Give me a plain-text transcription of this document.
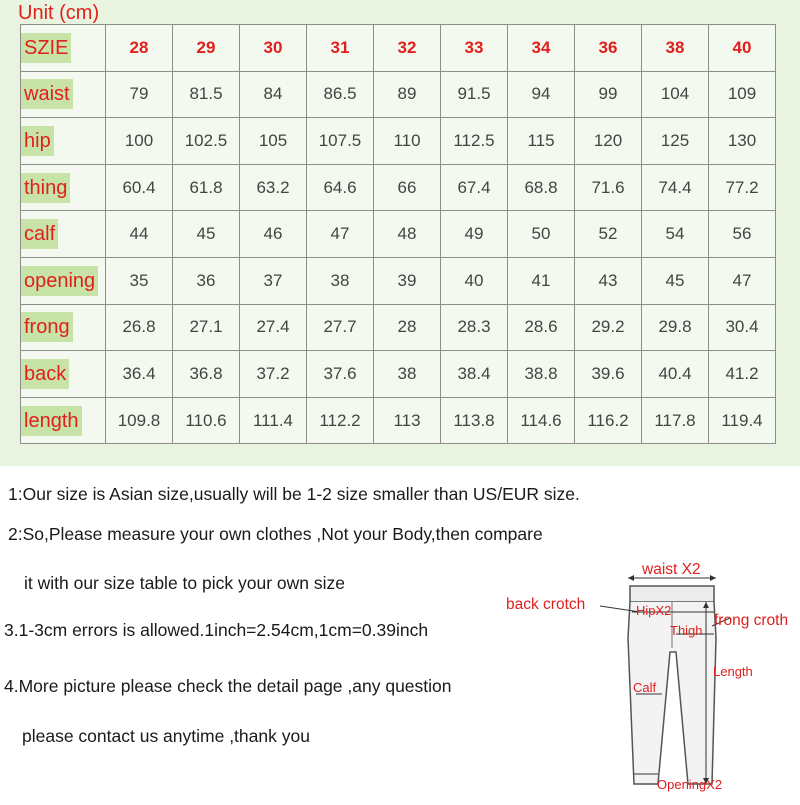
Unit (cm)
SZIE	28	29	30	31	32	33	34	36	38	40
waist	79	81.5	84	86.5	89	91.5	94	99	104	109
hip	100	102.5	105	107.5	110	112.5	115	120	125	130
thing	60.4	61.8	63.2	64.6	66	67.4	68.8	71.6	74.4	77.2
calf	44	45	46	47	48	49	50	52	54	56
opening	35	36	37	38	39	40	41	43	45	47
frong	26.8	27.1	27.4	27.7	28	28.3	28.6	29.2	29.8	30.4
back	36.4	36.8	37.2	37.6	38	38.4	38.8	39.6	40.4	41.2
length	109.8	110.6	111.4	112.2	113	113.8	114.6	116.2	117.8	119.4

1:Our size is Asian size,usually will be 1-2 size smaller than US/EUR size.

2:So,Please measure your own clothes ,Not your Body,then compare

it with our size table to pick your own size

3.1-3cm errors is allowed.1inch=2.54cm,1cm=0.39inch

4.More picture please check the detail page ,any question

please contact us anytime ,thank you

waist X2
back crotch	HipX2
Thigh
frong croth
Length
Calf
OpeningX2
